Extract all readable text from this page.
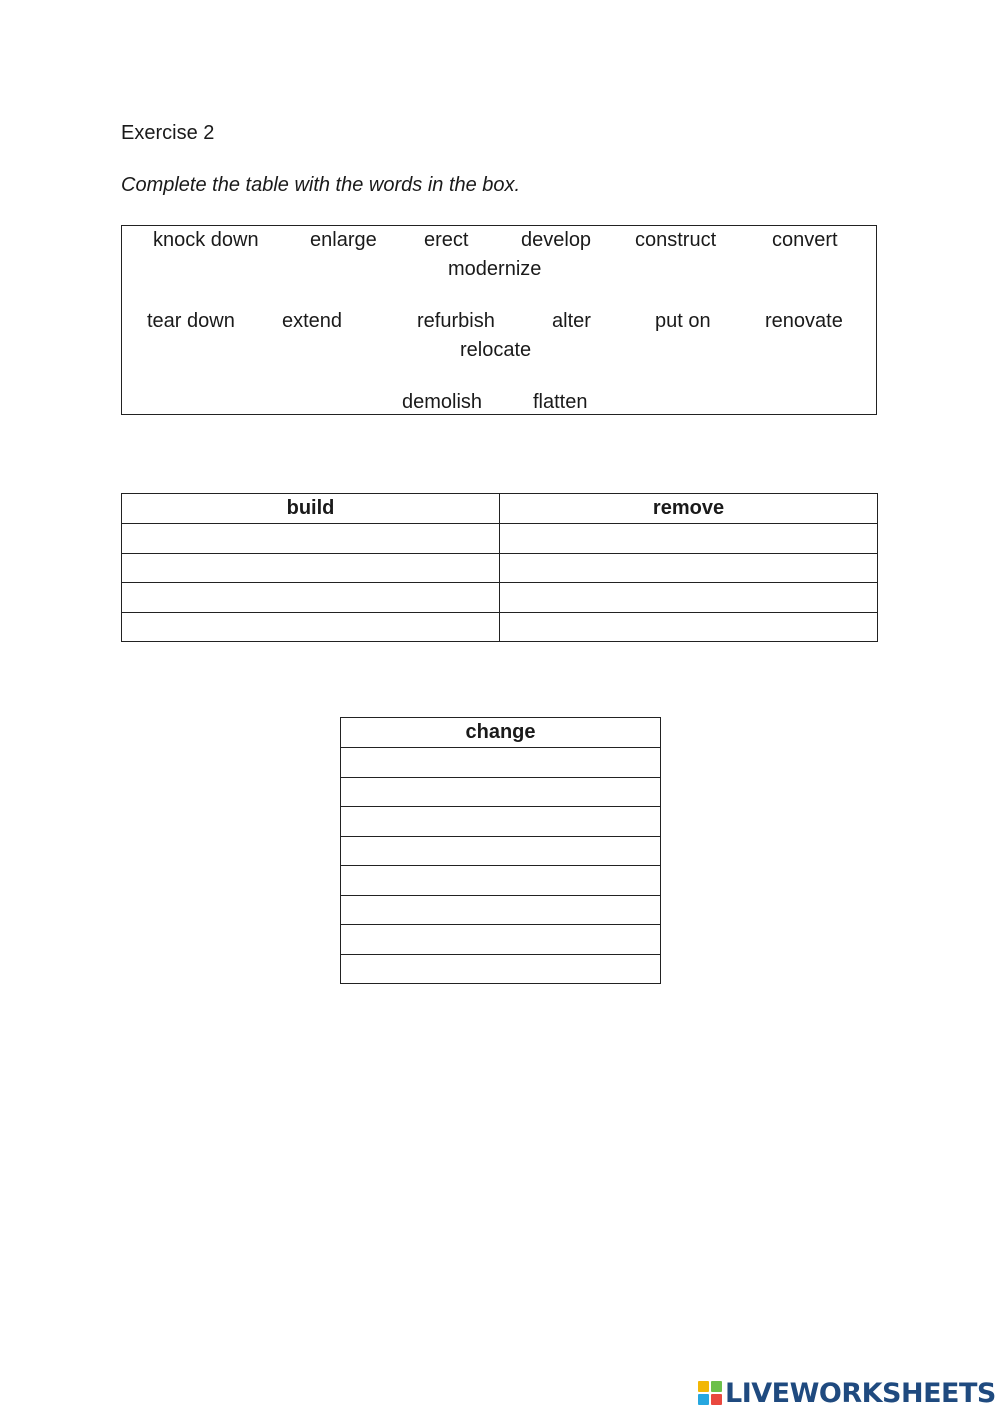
Exercise 2
Complete the table with the words in the box.
knock down	enlarge erect	develop construct	convert
modernize
tear down extend	refurbish	alter	put on	renovate
relocate
demolish	flatten
build	remove

change

LIVEWORKSHEETS
